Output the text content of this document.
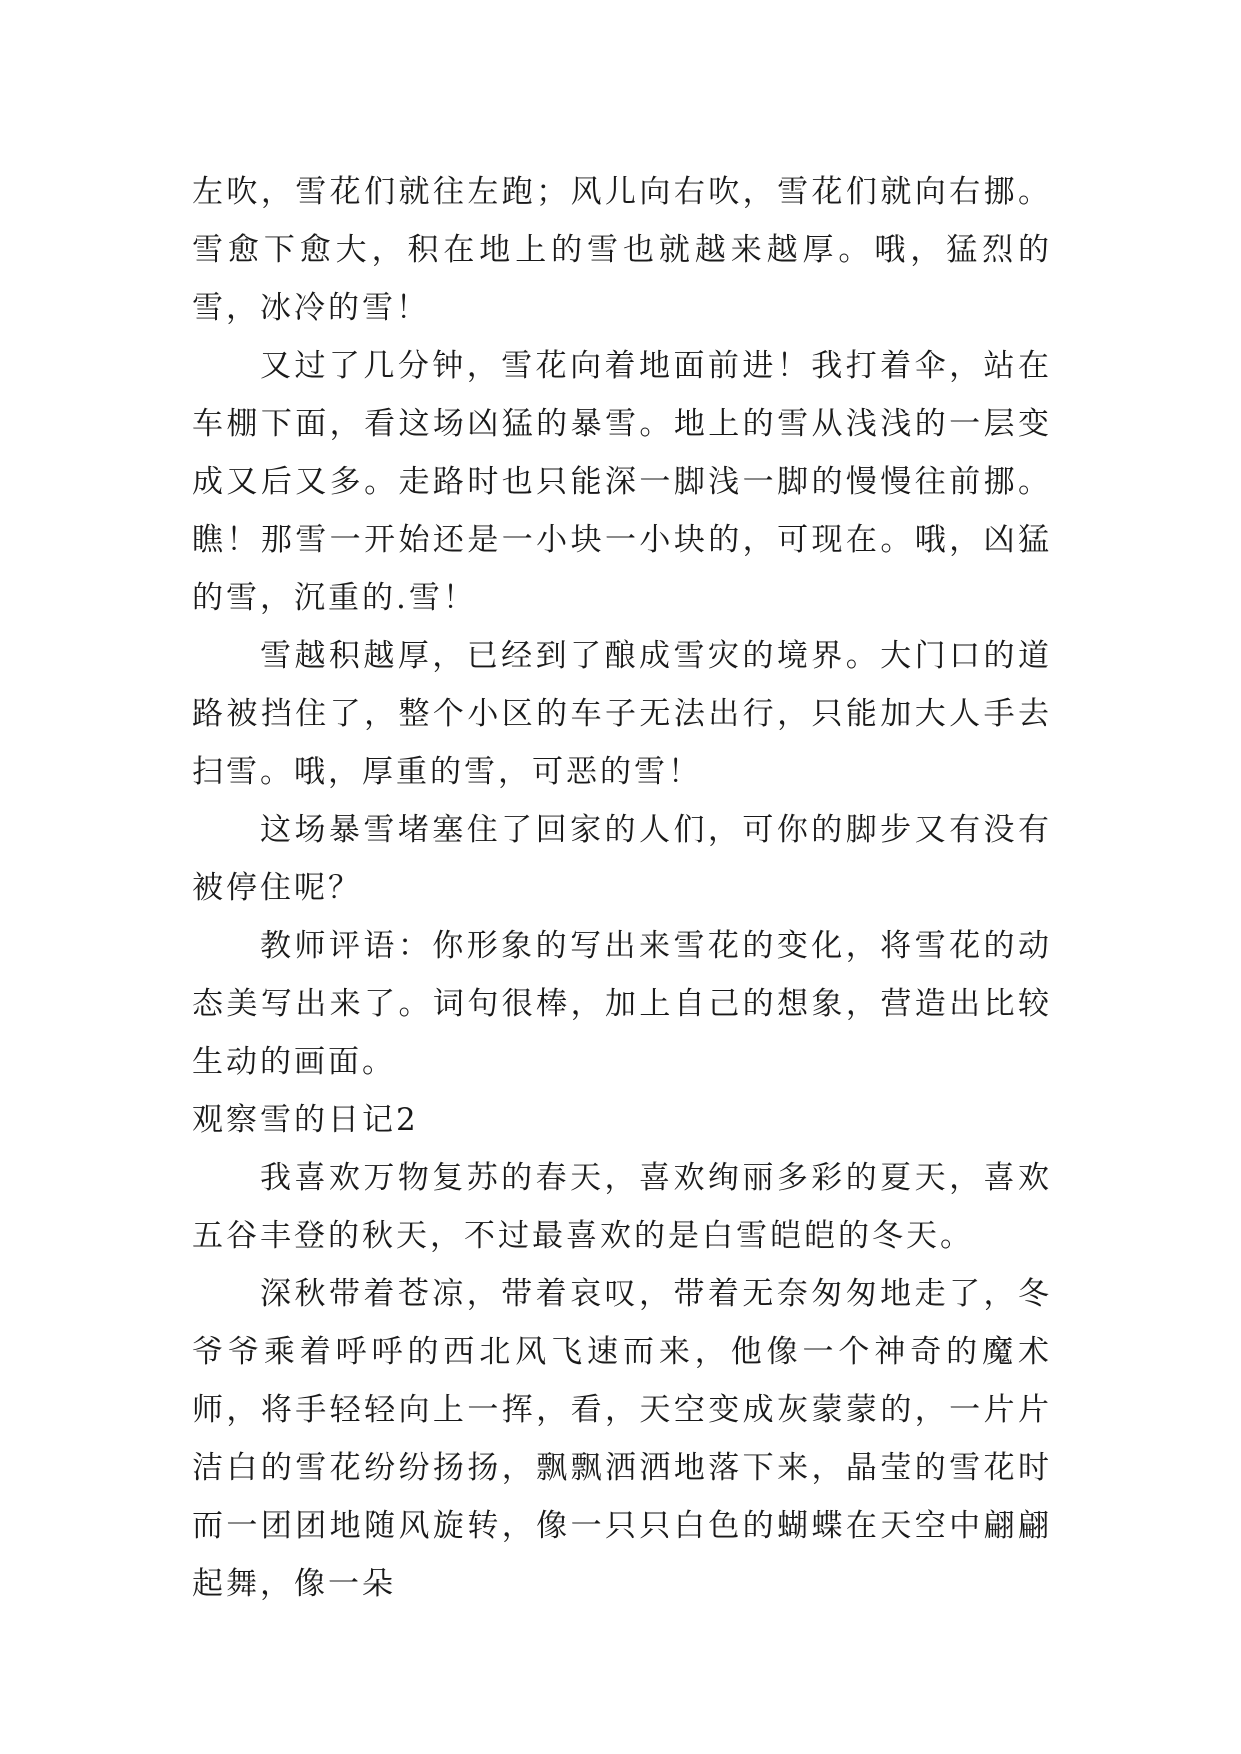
左吹，雪花们就往左跑；风儿向右吹，雪花们就向右挪。雪愈下愈大，积在地上的雪也就越来越厚。哦，猛烈的雪，冰冷的雪！

又过了几分钟，雪花向着地面前进！我打着伞，站在车棚下面，看这场凶猛的暴雪。地上的雪从浅浅的一层变成又后又多。走路时也只能深一脚浅一脚的慢慢往前挪。瞧！那雪一开始还是一小块一小块的，可现在。哦，凶猛的雪，沉重的.雪！

雪越积越厚，已经到了酿成雪灾的境界。大门口的道路被挡住了，整个小区的车子无法出行，只能加大人手去扫雪。哦，厚重的雪，可恶的雪！

这场暴雪堵塞住了回家的人们，可你的脚步又有没有被停住呢？

教师评语：你形象的写出来雪花的变化，将雪花的动态美写出来了。词句很棒，加上自己的想象，营造出比较生动的画面。

观察雪的日记2

我喜欢万物复苏的春天，喜欢绚丽多彩的夏天，喜欢五谷丰登的秋天，不过最喜欢的是白雪皑皑的冬天。

深秋带着苍凉，带着哀叹，带着无奈匆匆地走了，冬爷爷乘着呼呼的西北风飞速而来，他像一个神奇的魔术师，将手轻轻向上一挥，看，天空变成灰蒙蒙的，一片片洁白的雪花纷纷扬扬，飘飘洒洒地落下来，晶莹的雪花时而一团团地随风旋转，像一只只白色的蝴蝶在天空中翩翩起舞，像一朵
